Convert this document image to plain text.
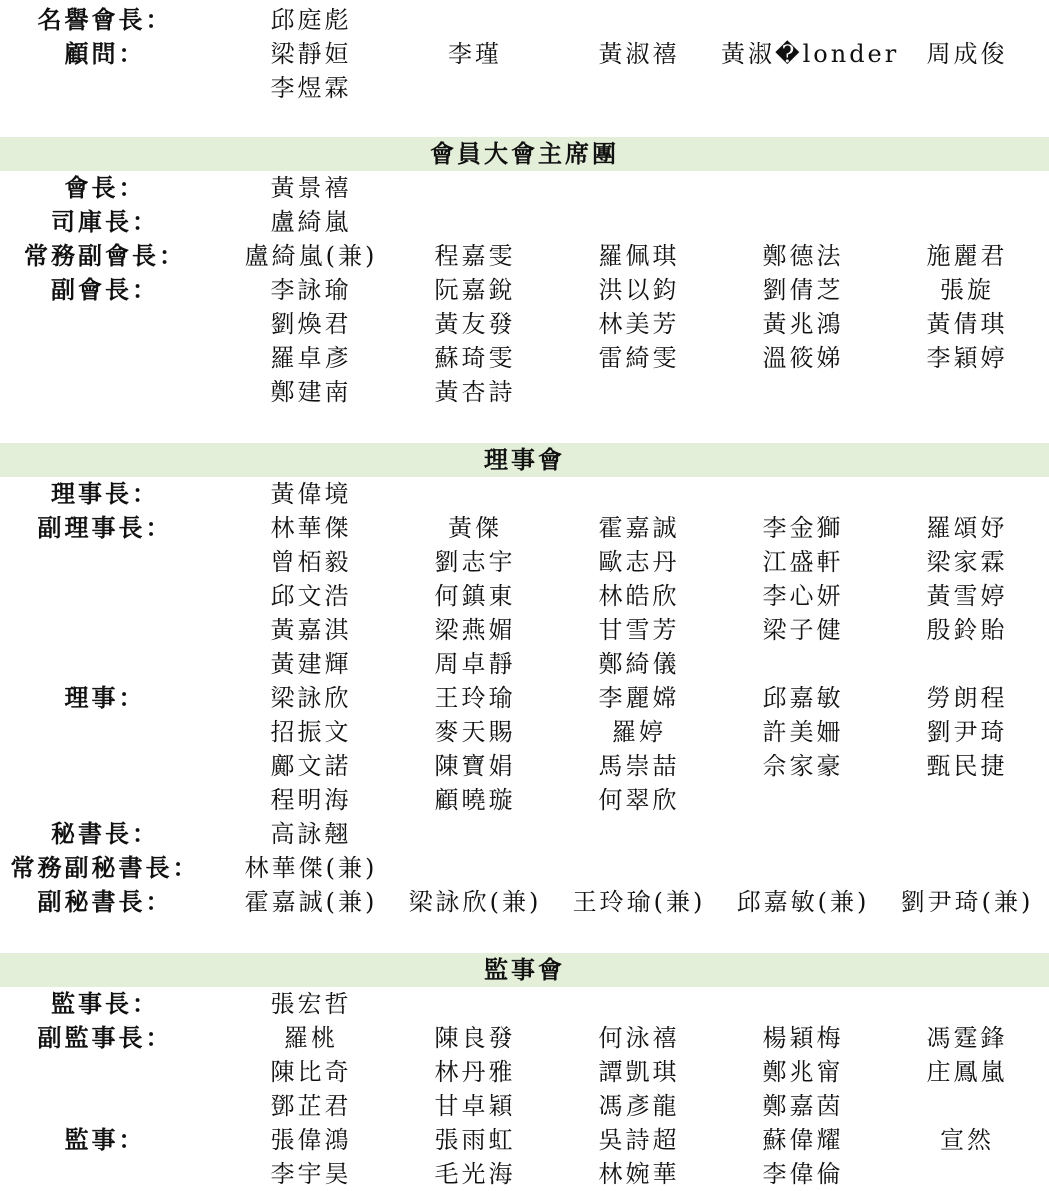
名譽會長：	邱庭彪
顧問：	梁靜姮	李瑾	黃淑禧	黃淑�londer	周成俊
李煜霖
會員大會主席團
會長：	黃景禧
司庫長：	盧綺嵐
常務副會長：	盧綺嵐(兼)	程嘉雯	羅佩琪	鄭德法	施麗君
副會長：	李詠瑜	阮嘉銳	洪以鈞	劉倩芝	張旋
劉煥君	黃友發	林美芳	黃兆鴻	黃倩琪
羅卓彥	蘇琦雯	雷綺雯	溫筱娣	李穎婷
鄭建南	黃杏詩
理事會
理事長：	黃偉境
副理事長：	林華傑	黃傑	霍嘉誠	李金獅	羅頌妤
曾栢毅	劉志宇	歐志丹	江盛軒	梁家霖
邱文浩	何鎮東	林皓欣	李心妍	黃雪婷
黃嘉淇	梁燕媚	甘雪芳	梁子健	殷鈴貽
黃建輝	周卓靜	鄭綺儀
理事：	梁詠欣	王玲瑜	李麗嫦	邱嘉敏	勞朗程
招振文	麥天賜	羅婷	許美姍	劉尹琦
鄺文諾	陳寶娟	馬崇喆	佘家豪	甄民捷
程明海	顧曉璇	何翠欣
秘書長：	高詠翹
常務副秘書長：	林華傑(兼)
副秘書長：	霍嘉誠(兼)	梁詠欣(兼)	王玲瑜(兼)	邱嘉敏(兼)	劉尹琦(兼)
監事會
監事長：	張宏哲
副監事長：	羅桃	陳良發	何泳禧	楊穎梅	馮霆鋒
陳比奇	林丹雅	譚凱琪	鄭兆甯	庄鳳嵐
鄧芷君	甘卓穎	馮彥龍	鄭嘉茵
監事：	張偉鴻	張雨虹	吳詩超	蘇偉耀	宣然
李宇昊	毛光海	林婉華	李偉倫
